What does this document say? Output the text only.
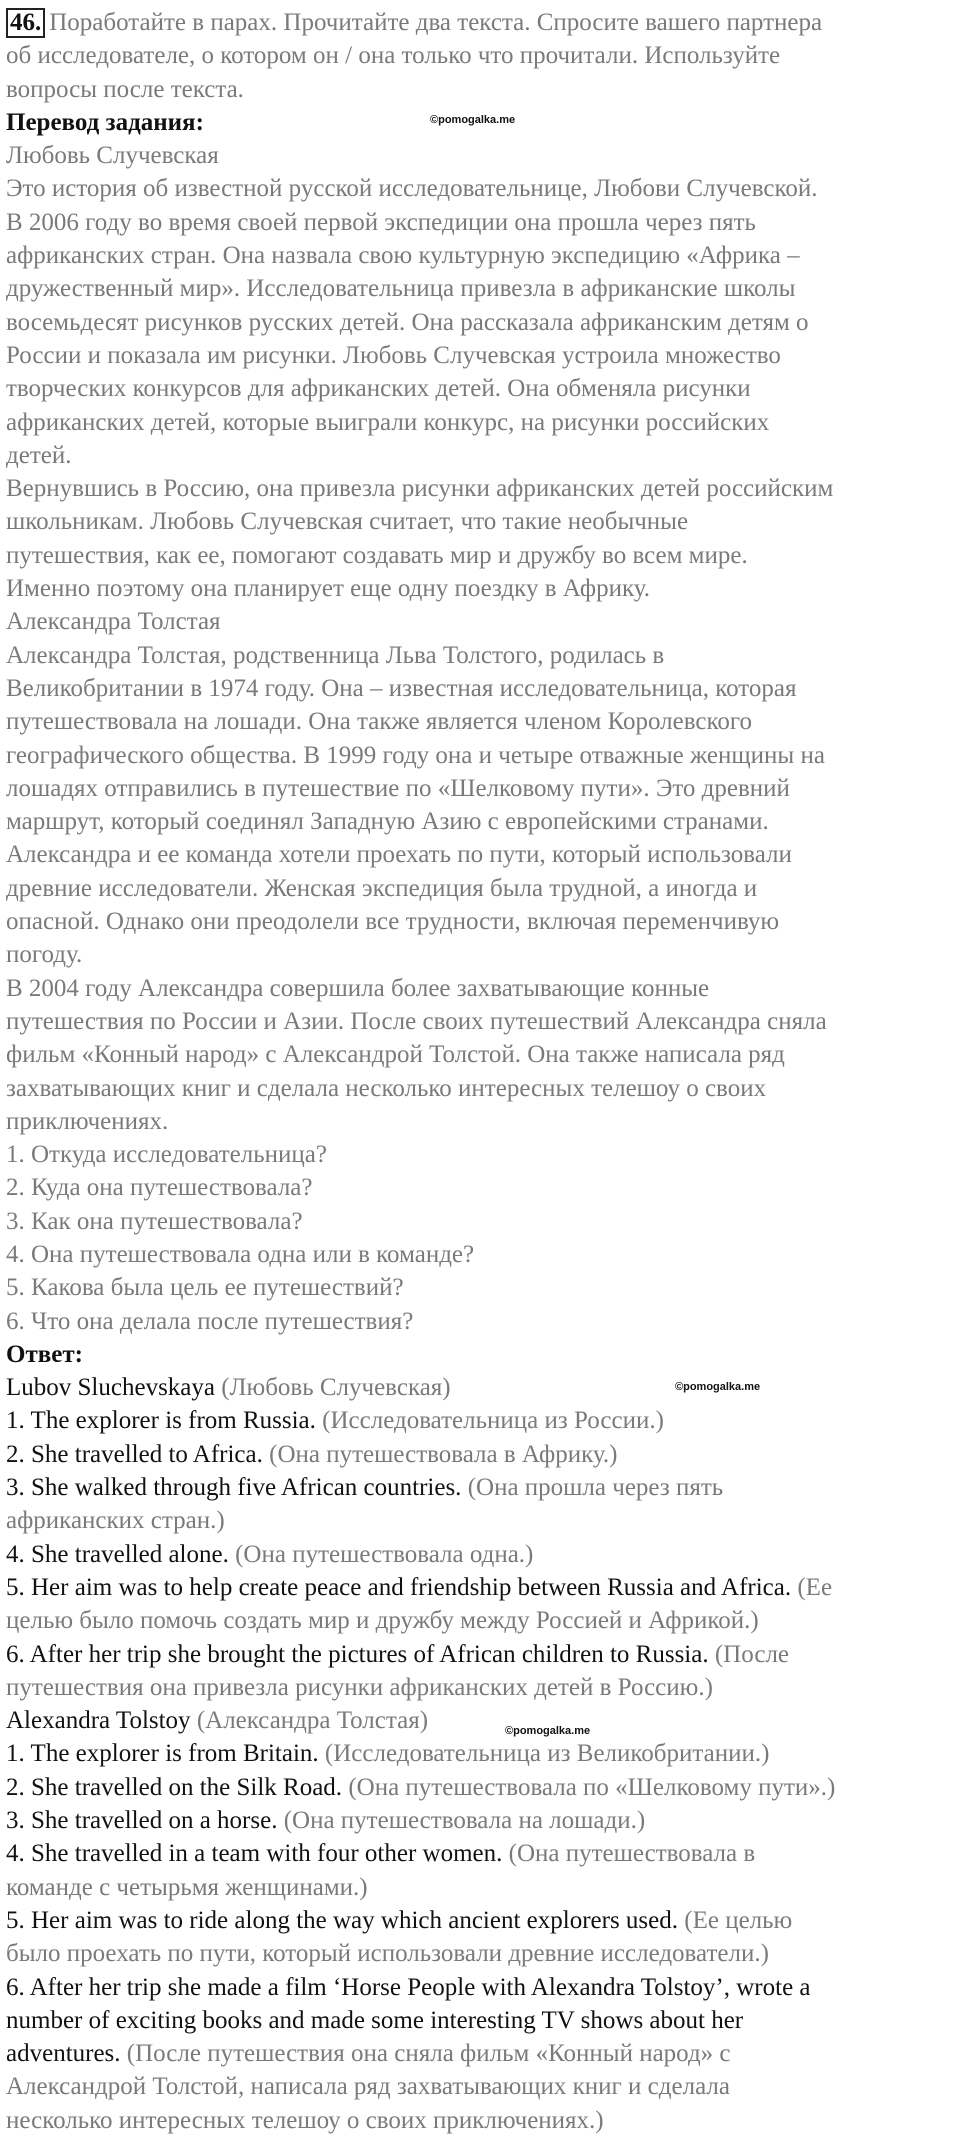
46. Поработайте в парах. Прочитайте два текста. Спросите вашего партнера
об исследователе, о котором он / она только что прочитали. Используйте
вопросы после текста.
Перевод задания:
Любовь Случевская
Это история об известной русской исследовательнице, Любови Случевской.
В 2006 году во время своей первой экспедиции она прошла через пять
африканских стран. Она назвала свою культурную экспедицию «Африка –
дружественный мир». Исследовательница привезла в африканские школы
восемьдесят рисунков русских детей. Она рассказала африканским детям о
России и показала им рисунки. Любовь Случевская устроила множество
творческих конкурсов для африканских детей. Она обменяла рисунки
африканских детей, которые выиграли конкурс, на рисунки российских
детей.
Вернувшись в Россию, она привезла рисунки африканских детей российским
школьникам. Любовь Случевская считает, что такие необычные
путешествия, как ее, помогают создавать мир и дружбу во всем мире.
Именно поэтому она планирует еще одну поездку в Африку.
Александра Толстая
Александра Толстая, родственница Льва Толстого, родилась в
Великобритании в 1974 году. Она – известная исследовательница, которая
путешествовала на лошади. Она также является членом Королевского
географического общества. В 1999 году она и четыре отважные женщины на
лошадях отправились в путешествие по «Шелковому пути». Это древний
маршрут, который соединял Западную Азию с европейскими странами.
Александра и ее команда хотели проехать по пути, который использовали
древние исследователи. Женская экспедиция была трудной, а иногда и
опасной. Однако они преодолели все трудности, включая переменчивую
погоду.
В 2004 году Александра совершила более захватывающие конные
путешествия по России и Азии. После своих путешествий Александра сняла
фильм «Конный народ» с Александрой Толстой. Она также написала ряд
захватывающих книг и сделала несколько интересных телешоу о своих
приключениях.
1. Откуда исследовательница?
2. Куда она путешествовала?
3. Как она путешествовала?
4. Она путешествовала одна или в команде?
5. Какова была цель ее путешествий?
6. Что она делала после путешествия?
Ответ:
Lubov Sluchevskaya (Любовь Случевская)
1. The explorer is from Russia. (Исследовательница из России.)
2. She travelled to Africa. (Она путешествовала в Африку.)
3. She walked through five African countries. (Она прошла через пять
африканских стран.)
4. She travelled alone. (Она путешествовала одна.)
5. Her aim was to help create peace and friendship between Russia and Africa. (Ее
целью было помочь создать мир и дружбу между Россией и Африкой.)
6. After her trip she brought the pictures of African children to Russia. (После
путешествия она привезла рисунки африканских детей в Россию.)
Alexandra Tolstoy (Александра Толстая)
1. The explorer is from Britain. (Исследовательница из Великобритании.)
2. She travelled on the Silk Road. (Она путешествовала по «Шелковому пути».)
3. She travelled on a horse. (Она путешествовала на лошади.)
4. She travelled in a team with four other women. (Она путешествовала в
команде с четырьмя женщинами.)
5. Her aim was to ride along the way which ancient explorers used. (Ее целью
было проехать по пути, который использовали древние исследователи.)
6. After her trip she made a film ‘Horse People with Alexandra Tolstoy’, wrote a
number of exciting books and made some interesting TV shows about her
adventures. (После путешествия она сняла фильм «Конный народ» с
Александрой Толстой, написала ряд захватывающих книг и сделала
несколько интересных телешоу о своих приключениях.)
©pomogalka.me
©pomogalka.me
©pomogalka.me
